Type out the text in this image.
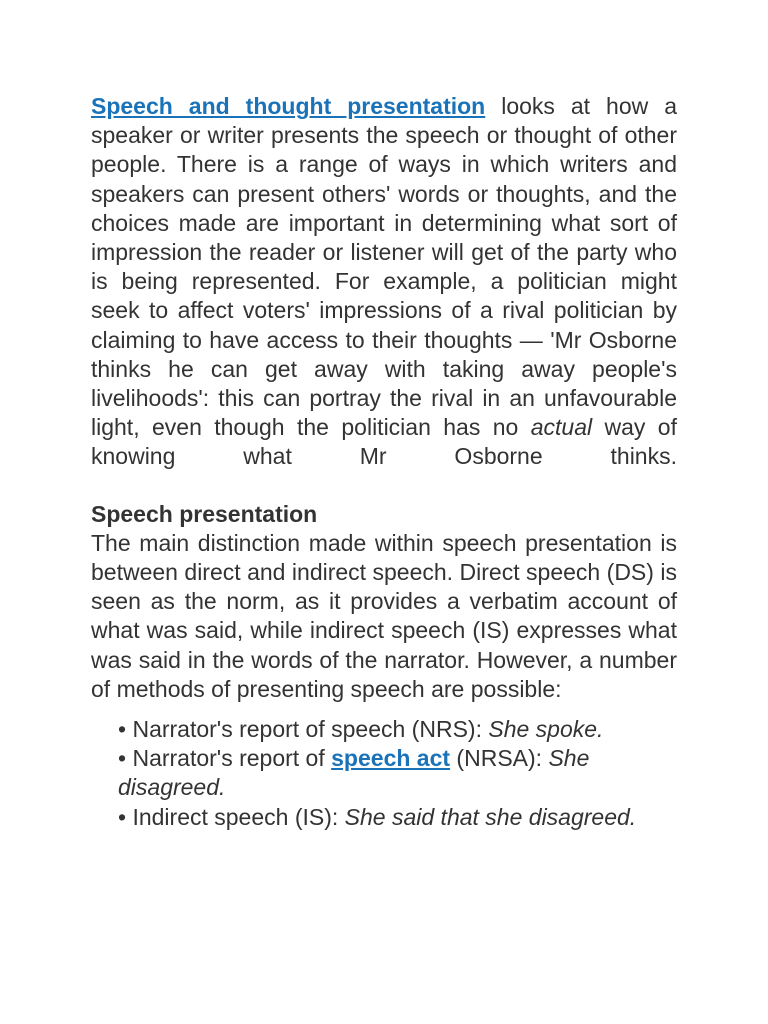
Speech and thought presentation looks at how a speaker or writer presents the speech or thought of other people. There is a range of ways in which writers and speakers can present others' words or thoughts, and the choices made are important in determining what sort of impression the reader or listener will get of the party who is being represented. For example, a politician might seek to affect voters' impressions of a rival politician by claiming to have access to their thoughts — 'Mr Osborne thinks he can get away with taking away people's livelihoods': this can portray the rival in an unfavourable light, even though the politician has no actual way of knowing what Mr Osborne thinks.

Speech presentation

The main distinction made within speech presentation is between direct and indirect speech. Direct speech (DS) is seen as the norm, as it provides a verbatim account of what was said, while indirect speech (IS) expresses what was said in the words of the narrator. However, a number of methods of presenting speech are possible:

• Narrator's report of speech (NRS): She spoke.
• Narrator's report of speech act (NRSA): She disagreed.
• Indirect speech (IS): She said that she disagreed.
